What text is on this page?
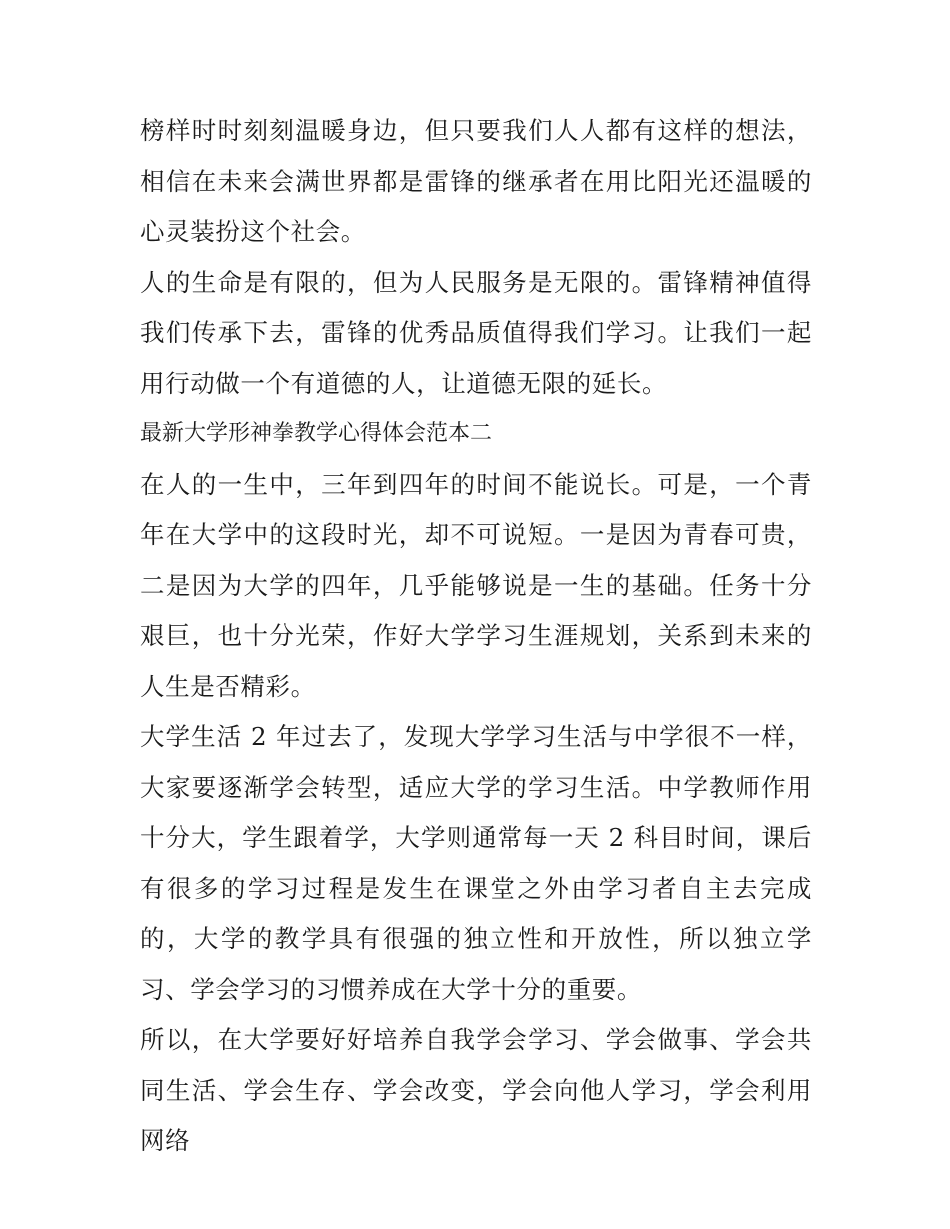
榜样时时刻刻温暖身边，但只要我们人人都有这样的想法，相信在未来会满世界都是雷锋的继承者在用比阳光还温暖的心灵装扮这个社会。

人的生命是有限的，但为人民服务是无限的。雷锋精神值得我们传承下去，雷锋的优秀品质值得我们学习。让我们一起用行动做一个有道德的人，让道德无限的延长。

最新大学形神拳教学心得体会范本二

在人的一生中，三年到四年的时间不能说长。可是，一个青年在大学中的这段时光，却不可说短。一是因为青春可贵，二是因为大学的四年，几乎能够说是一生的基础。任务十分艰巨，也十分光荣，作好大学学习生涯规划，关系到未来的人生是否精彩。

大学生活 2 年过去了，发现大学学习生活与中学很不一样，大家要逐渐学会转型，适应大学的学习生活。中学教师作用十分大，学生跟着学，大学则通常每一天 2 科目时间，课后有很多的学习过程是发生在课堂之外由学习者自主去完成的，大学的教学具有很强的独立性和开放性，所以独立学习、学会学习的习惯养成在大学十分的重要。

所以，在大学要好好培养自我学会学习、学会做事、学会共同生活、学会生存、学会改变，学会向他人学习，学会利用网络
